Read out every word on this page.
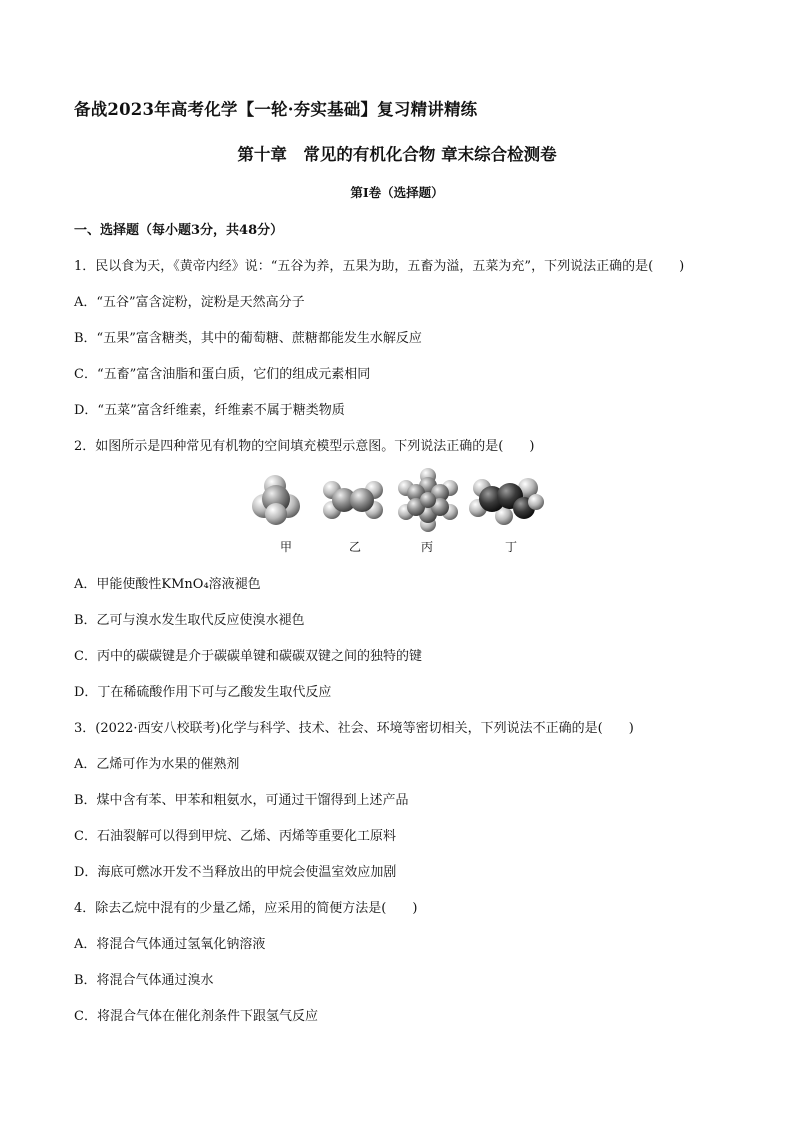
备战2023年高考化学【一轮·夯实基础】复习精讲精练
第十章　常见的有机化合物 章末综合检测卷
第I卷（选择题）
一、选择题（每小题3分，共48分）
1．民以食为天，《黄帝内经》说：“五谷为养，五果为助，五畜为溢，五菜为充”，下列说法正确的是(　　)
A．“五谷”富含淀粉，淀粉是天然高分子
B．“五果”富含糖类，其中的葡萄糖、蔗糖都能发生水解反应
C．“五畜”富含油脂和蛋白质，它们的组成元素相同
D．“五菜”富含纤维素，纤维素不属于糖类物质
2．如图所示是四种常见有机物的空间填充模型示意图。下列说法正确的是(　　)
甲	乙	丙	丁
A．甲能使酸性KMnO₄溶液褪色
B．乙可与溴水发生取代反应使溴水褪色
C．丙中的碳碳键是介于碳碳单键和碳碳双键之间的独特的键
D．丁在稀硫酸作用下可与乙酸发生取代反应
3．(2022·西安八校联考)化学与科学、技术、社会、环境等密切相关，下列说法不正确的是(　　)
A．乙烯可作为水果的催熟剂
B．煤中含有苯、甲苯和粗氨水，可通过干馏得到上述产品
C．石油裂解可以得到甲烷、乙烯、丙烯等重要化工原料
D．海底可燃冰开发不当释放出的甲烷会使温室效应加剧
4．除去乙烷中混有的少量乙烯，应采用的简便方法是(　　)
A．将混合气体通过氢氧化钠溶液
B．将混合气体通过溴水
C．将混合气体在催化剂条件下跟氢气反应
